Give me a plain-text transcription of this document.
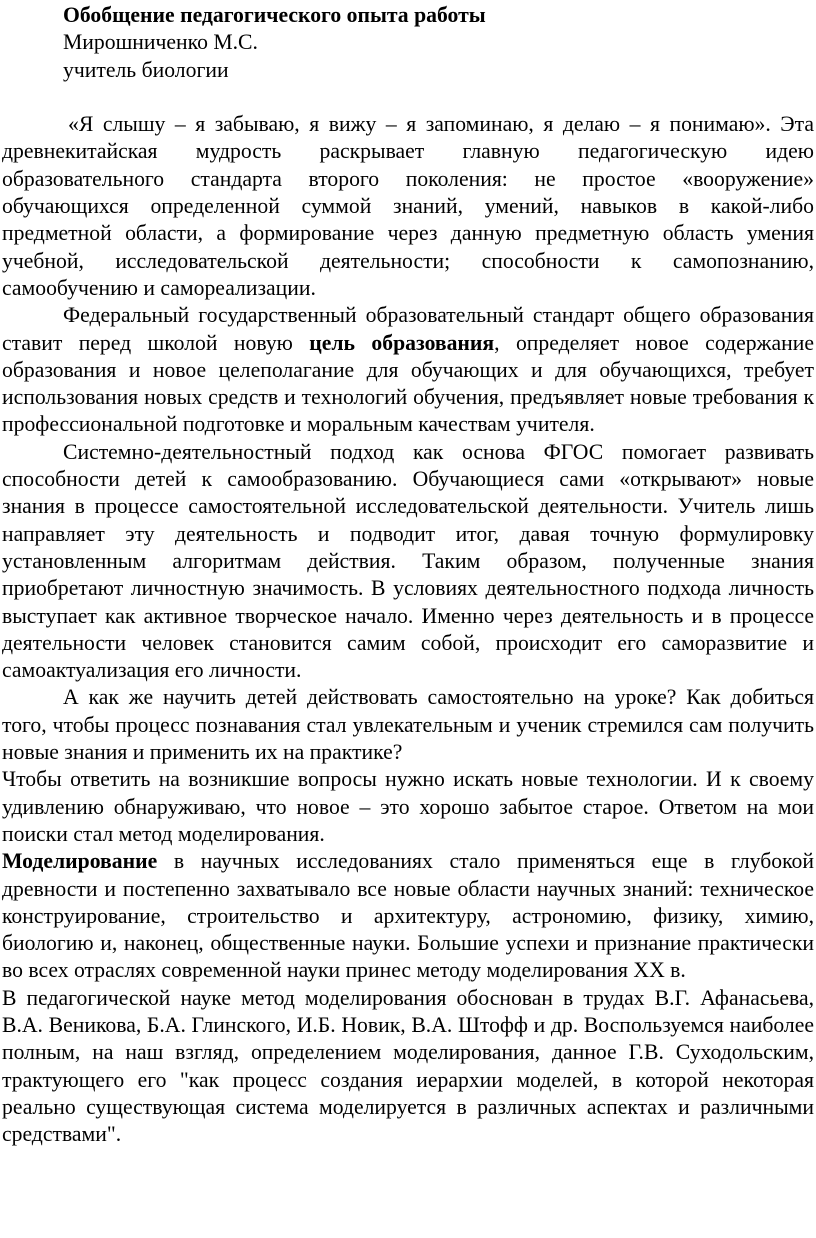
Обобщение педагогического опыта работы
Мирошниченко М.С.
учитель биологии

«Я слышу – я забываю, я вижу – я запоминаю, я делаю – я понимаю». Эта древнекитайская мудрость раскрывает главную педагогическую идею образовательного стандарта второго поколения: не простое «вооружение» обучающихся определенной суммой знаний, умений, навыков в какой-либо предметной области, а формирование через данную предметную область умения учебной, исследовательской деятельности; способности к самопознанию, самообучению и самореализации.

Федеральный государственный образовательный стандарт общего образования ставит перед школой новую цель образования, определяет новое содержание образования и новое целеполагание для обучающих и для обучающихся, требует использования новых средств и технологий обучения, предъявляет новые требования к профессиональной подготовке и моральным качествам учителя.

Системно-деятельностный подход как основа ФГОС помогает развивать способности детей к самообразованию. Обучающиеся сами «открывают» новые знания в процессе самостоятельной исследовательской деятельности. Учитель лишь направляет эту деятельность и подводит итог, давая точную формулировку установленным алгоритмам действия. Таким образом, полученные знания приобретают личностную значимость. В условиях деятельностного подхода личность выступает как активное творческое начало. Именно через деятельность и в процессе деятельности человек становится самим собой, происходит его саморазвитие и самоактуализация его личности.

А как же научить детей действовать самостоятельно на уроке? Как добиться того, чтобы процесс познавания стал увлекательным и ученик стремился сам получить новые знания и применить их на практике?

Чтобы ответить на возникшие вопросы нужно искать новые технологии. И к своему удивлению обнаруживаю, что новое – это хорошо забытое старое. Ответом на мои поиски стал метод моделирования.

Моделирование в научных исследованиях стало применяться еще в глубокой древности и постепенно захватывало все новые области научных знаний: техническое конструирование, строительство и архитектуру, астрономию, физику, химию, биологию и, наконец, общественные науки. Большие успехи и признание практически во всех отраслях современной науки принес методу моделирования XX в.

В педагогической науке метод моделирования обоснован в трудах В.Г. Афанасьева, В.А. Веникова, Б.А. Глинского, И.Б. Новик, В.А. Штофф и др. Воспользуемся наиболее полным, на наш взгляд, определением моделирования, данное Г.В. Суходольским, трактующего его "как процесс создания иерархии моделей, в которой некоторая реально существующая система моделируется в различных аспектах и различными средствами".
